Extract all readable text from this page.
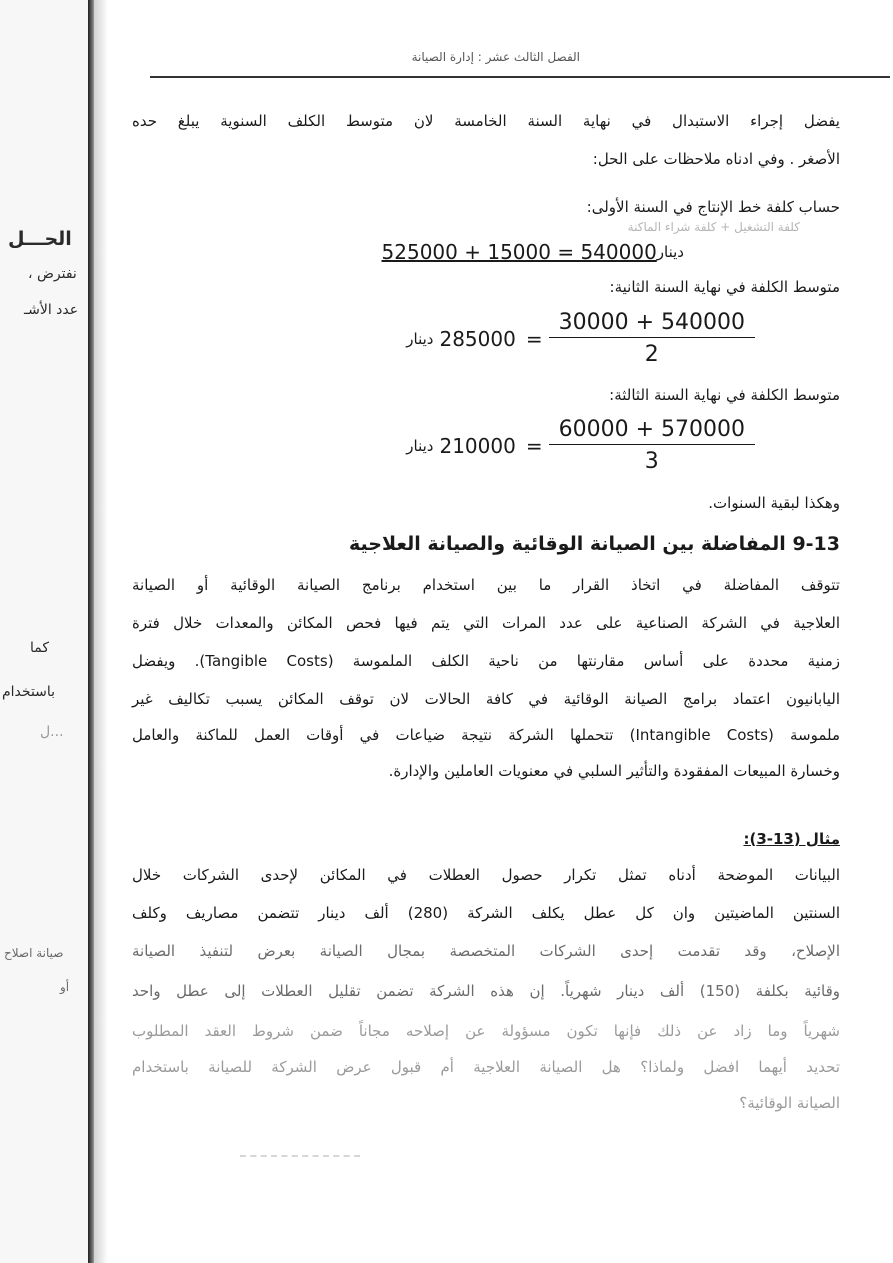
الحـــل
نفترض ،
عدد الأشـ
كما
باستخدام
...ل
صيانة اصلاح
أو
الفصل الثالث عشر : إدارة الصيانة
يفضل إجراء الاستبدال في نهاية السنة الخامسة لان متوسط الكلف السنوية يبلغ حده
الأصغر . وفي ادناه ملاحظات على الحل:
حساب كلفة خط الإنتاج في السنة الأولى:
كلفة التشغيل + كلفة شراء الماكنة
525000 + 15000 = 540000 دينار
متوسط الكلفة في نهاية السنة الثانية:
دينار $285000 = \frac{30000 + 540000}{2}$
متوسط الكلفة في نهاية السنة الثالثة:
دينار $210000 = \frac{60000 + 570000}{3}$
وهكذا لبقية السنوات.
9-13 المفاضلة بين الصيانة الوقائية والصيانة العلاجية
تتوقف المفاضلة في اتخاذ القرار ما بين استخدام برنامج الصيانة الوقائية أو الصيانة
العلاجية في الشركة الصناعية على عدد المرات التي يتم فيها فحص المكائن والمعدات خلال فترة
زمنية محددة على أساس مقارنتها من ناحية الكلف الملموسة (Tangible Costs). ويفضل
اليابانيون اعتماد برامج الصيانة الوقائية في كافة الحالات لان توقف المكائن يسبب تكاليف غير
ملموسة (Intangible Costs) تتحملها الشركة نتيجة ضياعات في أوقات العمل للماكنة والعامل
وخسارة المبيعات المفقودة والتأثير السلبي في معنويات العاملين والإدارة.
مثال (13-3):
البيانات الموضحة أدناه تمثل تكرار حصول العطلات في المكائن لإحدى الشركات خلال
السنتين الماضيتين وان كل عطل يكلف الشركة (280) ألف دينار تتضمن مصاريف وكلف
الإصلاح، وقد تقدمت إحدى الشركات المتخصصة بمجال الصيانة بعرض لتنفيذ الصيانة
وقائية بكلفة (150) ألف دينار شهرياً. إن هذه الشركة تضمن تقليل العطلات إلى عطل واحد
شهرياً وما زاد عن ذلك فإنها تكون مسؤولة عن إصلاحه مجاناً ضمن شروط العقد المطلوب
تحديد أيهما افضل ولماذا؟ هل الصيانة العلاجية أم قبول عرض الشركة للصيانة باستخدام
الصيانة الوقائية؟
